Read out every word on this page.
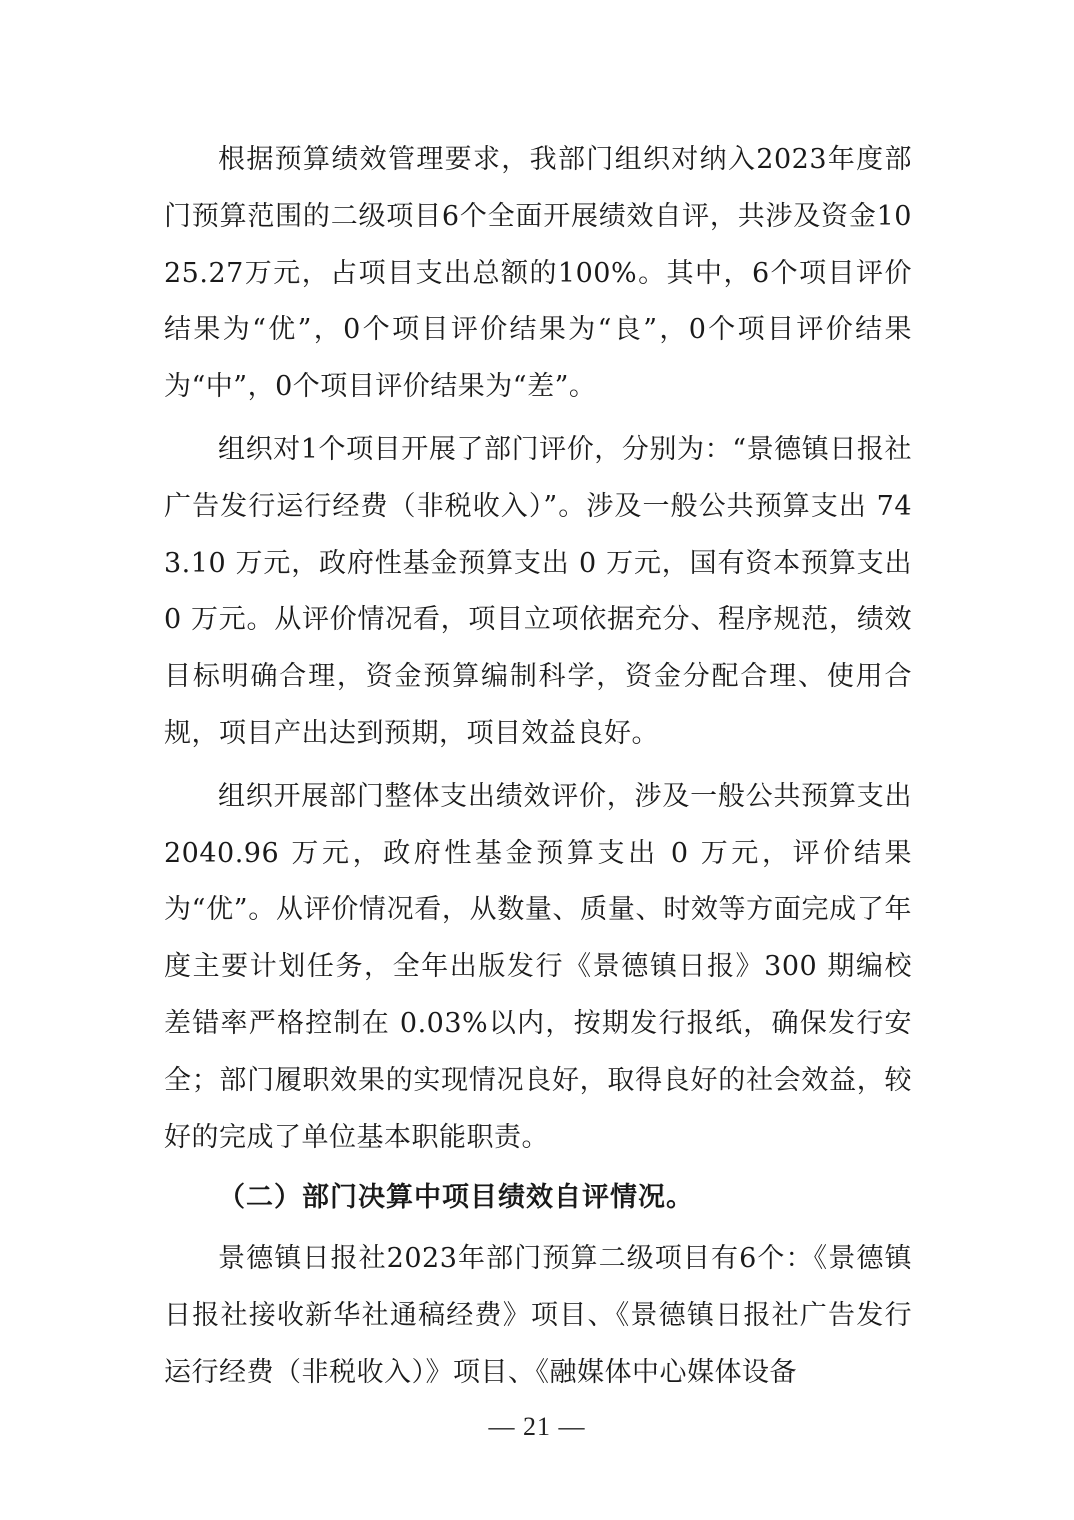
根据预算绩效管理要求，我部门组织对纳入2023年度部门预算范围的二级项目6个全面开展绩效自评，共涉及资金1025.27万元，占项目支出总额的100%。其中，6个项目评价结果为“优”，0个项目评价结果为“良”，0个项目评价结果为“中”，0个项目评价结果为“差”。

组织对1个项目开展了部门评价，分别为：“景德镇日报社广告发行运行经费（非税收入）”。涉及一般公共预算支出 743.10 万元，政府性基金预算支出 0 万元，国有资本预算支出 0 万元。从评价情况看，项目立项依据充分、程序规范，绩效目标明确合理，资金预算编制科学，资金分配合理、使用合规，项目产出达到预期，项目效益良好。

组织开展部门整体支出绩效评价，涉及一般公共预算支出 2040.96 万元，政府性基金预算支出 0 万元，评价结果为“优”。从评价情况看，从数量、质量、时效等方面完成了年度主要计划任务，全年出版发行《景德镇日报》300 期编校差错率严格控制在 0.03%以内，按期发行报纸，确保发行安全；部门履职效果的实现情况良好，取得良好的社会效益，较好的完成了单位基本职能职责。

（二）部门决算中项目绩效自评情况。

景德镇日报社2023年部门预算二级项目有6个：《景德镇日报社接收新华社通稿经费》项目、《景德镇日报社广告发行运行经费（非税收入）》项目、《融媒体中心媒体设备

— 21 —
